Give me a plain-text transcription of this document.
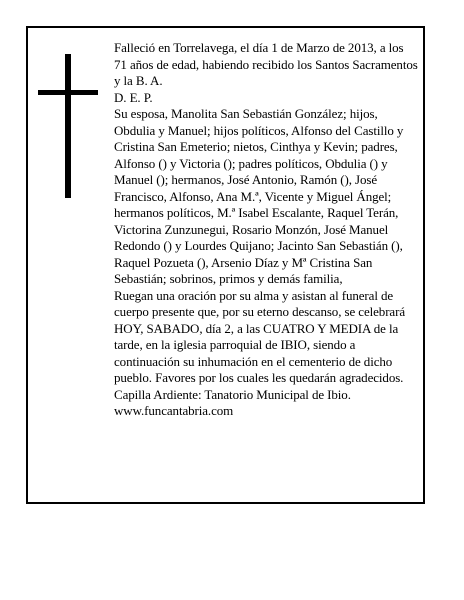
Falleció en Torrelavega, el día 1 de Marzo de 2013, a los 71 años de edad, habiendo recibido los Santos Sacramentos y la B. A.

D. E. P.

Su esposa, Manolita San Sebastián González; hijos, Obdulia y Manuel; hijos políticos, Alfonso del Castillo y Cristina San Emeterio; nietos, Cinthya y Kevin; padres, Alfonso () y Victoria (); padres políticos, Obdulia () y Manuel (); hermanos, José Antonio, Ramón (), José Francisco, Alfonso, Ana M.ª, Vicente y Miguel Ángel; hermanos políticos, M.ª Isabel Escalante, Raquel Terán, Victorina Zunzunegui, Rosario Monzón, José Manuel Redondo () y Lourdes Quijano; Jacinto San Sebastián (), Raquel Pozueta (), Arsenio Díaz y Mª Cristina San Sebastián; sobrinos, primos y demás familia,

Ruegan una oración por su alma y asistan al funeral de cuerpo presente que, por su eterno descanso, se celebrará HOY, SABADO, día 2, a las CUATRO Y MEDIA de la tarde, en la iglesia parroquial de IBIO, siendo a continuación su inhumación en el cementerio de dicho pueblo. Favores por los cuales les quedarán agradecidos. Capilla Ardiente: Tanatorio Municipal de Ibio.

www.funcantabria.com
